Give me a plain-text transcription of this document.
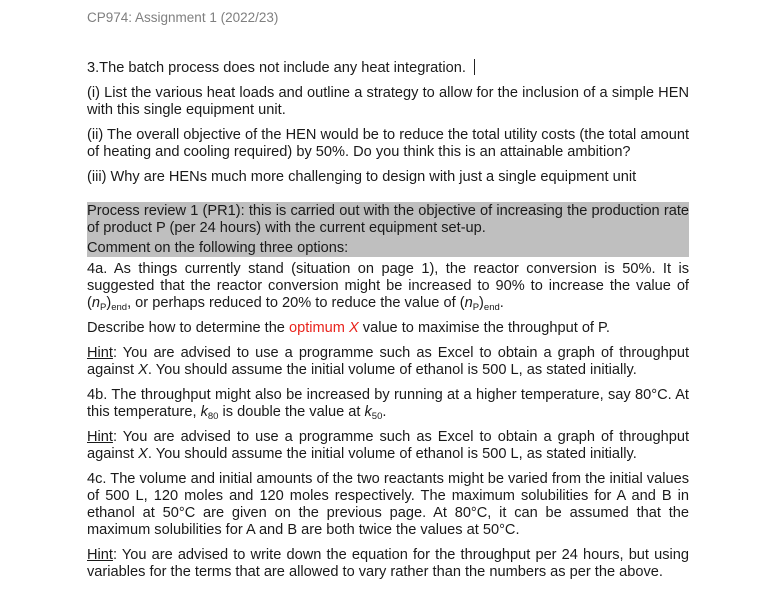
CP974: Assignment 1 (2022/23)

3.The batch process does not include any heat integration.

(i) List the various heat loads and outline a strategy to allow for the inclusion of a simple HEN with this single equipment unit.

(ii) The overall objective of the HEN would be to reduce the total utility costs (the total amount of heating and cooling required) by 50%. Do you think this is an attainable ambition?

(iii) Why are HENs much more challenging to design with just a single equipment unit

Process review 1 (PR1): this is carried out with the objective of increasing the production rate of product P (per 24 hours) with the current equipment set-up.

Comment on the following three options:

4a. As things currently stand (situation on page 1), the reactor conversion is 50%. It is suggested that the reactor conversion might be increased to 90% to increase the value of $(n_P)_{end}$, or perhaps reduced to 20% to reduce the value of $(n_P)_{end}$.

Describe how to determine the optimum X value to maximise the throughput of P.

Hint: You are advised to use a programme such as Excel to obtain a graph of throughput against X. You should assume the initial volume of ethanol is 500 L, as stated initially.

4b. The throughput might also be increased by running at a higher temperature, say 80°C. At this temperature, $k_{80}$ is double the value at $k_{50}$.

Hint: You are advised to use a programme such as Excel to obtain a graph of throughput against X. You should assume the initial volume of ethanol is 500 L, as stated initially.

4c. The volume and initial amounts of the two reactants might be varied from the initial values of 500 L, 120 moles and 120 moles respectively. The maximum solubilities for A and B in ethanol at 50°C are given on the previous page. At 80°C, it can be assumed that the maximum solubilities for A and B are both twice the values at 50°C.

Hint: You are advised to write down the equation for the throughput per 24 hours, but using variables for the terms that are allowed to vary rather than the numbers as per the above.
